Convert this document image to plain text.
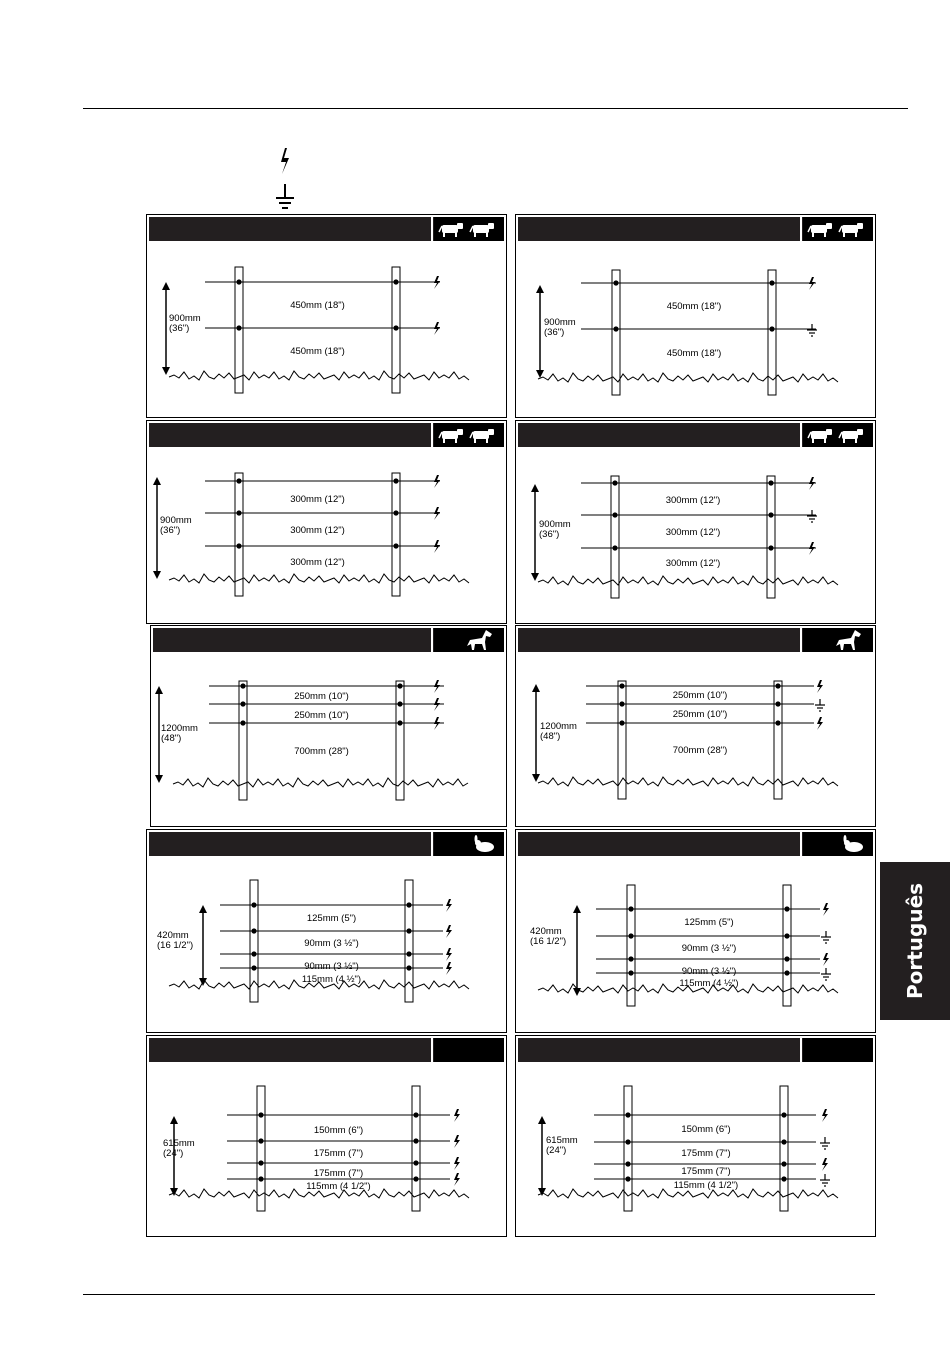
450mm (18")
450mm (18")
900mm
(36")
450mm (18")
450mm (18")
900mm
(36")
300mm (12")
300mm (12")
300mm (12")
900mm
(36")
300mm (12")
300mm (12")
300mm (12")
900mm
(36")
250mm (10")
250mm (10")
700mm (28")
1200mm
(48")
250mm (10")
250mm (10")
700mm (28")
1200mm
(48")
125mm (5")
90mm (3 ½")
90mm (3 ½")
115mm (4 ½")
420mm
(16 1/2")
125mm (5")
90mm (3 ½")
90mm (3 ½")
115mm (4 ½")
420mm
(16 1/2")
150mm (6")
175mm (7")
175mm (7")
115mm (4 1/2")
615mm
(24")
150mm (6")
175mm (7")
175mm (7")
115mm (4 1/2")
615mm
(24")
Português
